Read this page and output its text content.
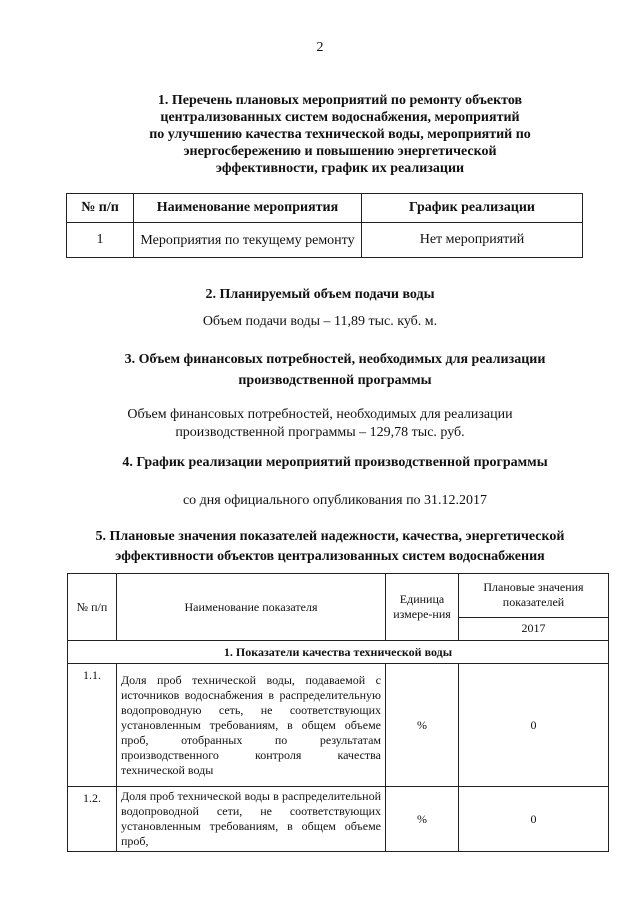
2
1. Перечень плановых мероприятий по ремонту объектов
централизованных систем водоснабжения, мероприятий
по улучшению качества технической воды, мероприятий по
энергосбережению и повышению энергетической
эффективности, график их реализации
№ п/п	Наименование мероприятия	График реализации
1	Мероприятия по текущему ремонту	Нет мероприятий
2. Планируемый объем подачи воды
Объем подачи воды – 11,89 тыс. куб. м.
3. Объем финансовых потребностей, необходимых для реализации
производственной программы
Объем финансовых потребностей, необходимых для реализации
производственной программы – 129,78 тыс. руб.
4. График реализации мероприятий производственной программы
со дня официального опубликования по 31.12.2017
5. Плановые значения показателей надежности, качества, энергетической
эффективности объектов централизованных систем водоснабжения
№ п/п	Наименование показателя	Единица измере-ния	Плановые значения показателей
			2017
1. Показатели качества технической воды			
1.1.	Доля проб технической воды, подаваемой с источников водоснабжения в распределительную водопроводную сеть, не соответствующих установленным требованиям, в общем объеме проб, отобранных по результатам производственного контроля качества технической воды	%	0
1.2.	Доля проб технической воды в распределительной водопроводной сети, не соответствующих установленным требованиям, в общем объеме проб,	%	0
